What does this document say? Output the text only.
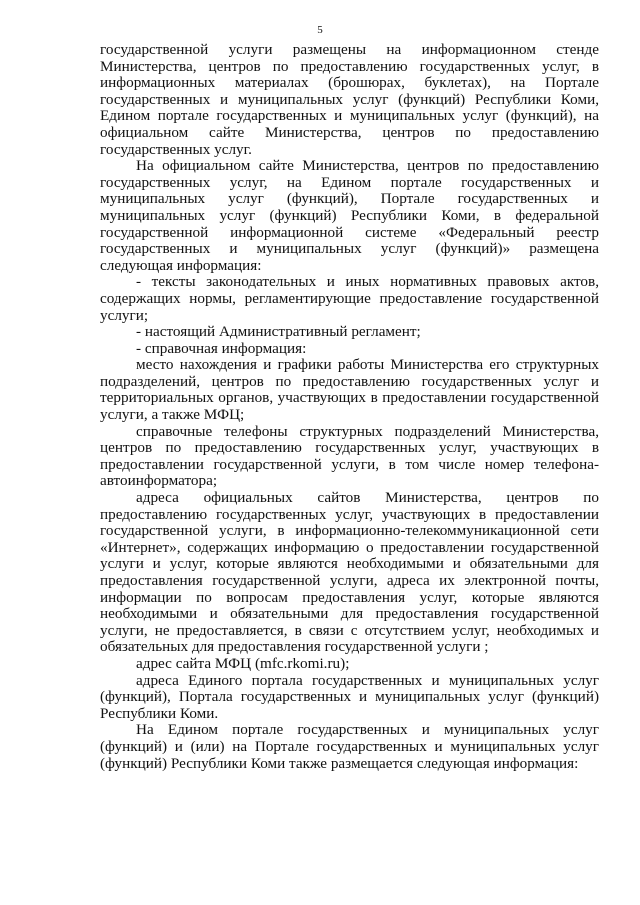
5

государственной услуги размещены на информационном стенде Министерства, центров по предоставлению государственных услуг, в информационных материалах (брошюрах, буклетах), на Портале государственных и муниципальных услуг (функций) Республики Коми, Едином портале государственных и муниципальных услуг (функций), на официальном сайте Министерства, центров по предоставлению государственных услуг.

На официальном сайте Министерства, центров по предоставлению государственных услуг, на Едином портале государственных и муниципальных услуг (функций), Портале государственных и муниципальных услуг (функций) Республики Коми, в федеральной государственной информационной системе «Федеральный реестр государственных и муниципальных услуг (функций)» размещена следующая информация:

- тексты законодательных и иных нормативных правовых актов, содержащих нормы, регламентирующие предоставление государственной услуги;

- настоящий Административный регламент;

- справочная информация:

место нахождения и графики работы Министерства его структурных подразделений, центров по предоставлению государственных услуг и территориальных органов, участвующих в предоставлении государственной услуги, а также МФЦ;

справочные телефоны структурных подразделений Министерства, центров по предоставлению государственных услуг, участвующих в предоставлении государственной услуги, в том числе номер телефона-автоинформатора;

адреса официальных сайтов Министерства, центров по предоставлению государственных услуг, участвующих в предоставлении государственной услуги, в информационно-телекоммуникационной сети «Интернет», содержащих информацию о предоставлении государственной услуги и услуг, которые являются необходимыми и обязательными для предоставления государственной услуги, адреса их электронной почты, информации по вопросам предоставления услуг, которые являются необходимыми и обязательными для предоставления государственной услуги, не предоставляется, в связи с отсутствием услуг, необходимых и обязательных для предоставления государственной услуги ;

адрес сайта МФЦ (mfc.rkomi.ru);

адреса Единого портала государственных и муниципальных услуг (функций), Портала государственных и муниципальных услуг (функций) Республики Коми.

На Едином портале государственных и муниципальных услуг (функций) и (или) на Портале государственных и муниципальных услуг (функций) Республики Коми также размещается следующая информация:
